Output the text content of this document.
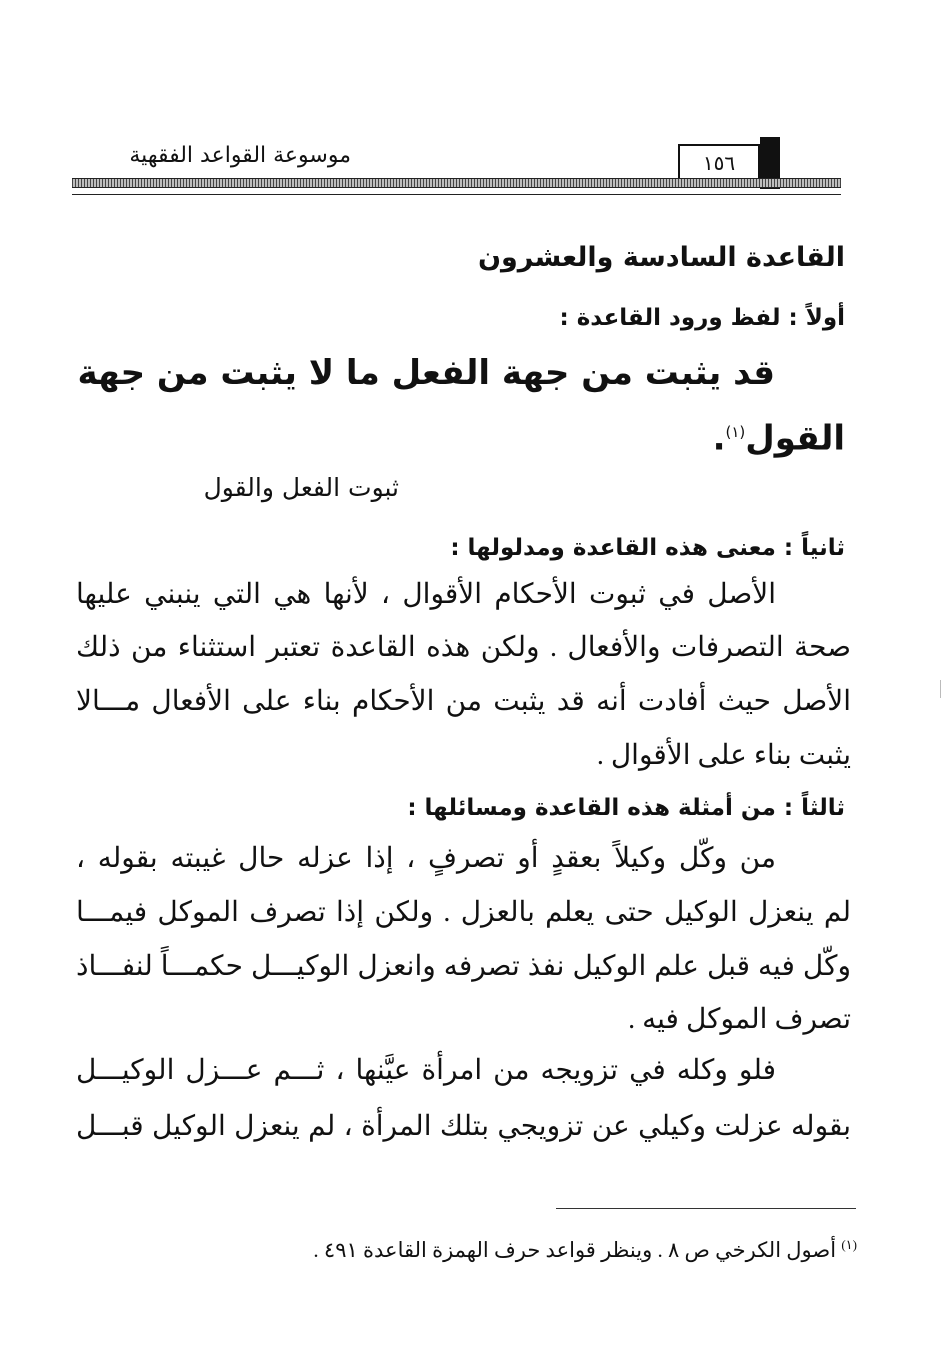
موسوعة القواعد الفقهية	١٥٦
القاعدة السادسة والعشرون
أولاً : لفظ ورود القاعدة :
قد يثبت من جهة الفعل ما لا يثبت من جهة
القول$^{(١)}$.
ثبوت الفعل والقول
ثانياً : معنى هذه القاعدة ومدلولها :
الأصل في ثبوت الأحكام الأقوال ، لأنها هي التي ينبني عليها
صحة التصرفات والأفعال . ولكن هذه القاعدة تعتبر استثناء من ذلك
الأصل حيث أفادت أنه قد يثبت من الأحكام بناء على الأفعال مـــالا
يثبت بناء على الأقوال .
ثالثاً : من أمثلة هذه القاعدة ومسائلها :
من وكّل وكيلاً بعقدٍ أو تصرفٍ ، إذا عزله حال غيبته بقوله ،
لم ينعزل الوكيل حتى يعلم بالعزل . ولكن إذا تصرف الموكل فيمـــا
وكّل فيه قبل علم الوكيل نفذ تصرفه وانعزل الوكيـــل حكمـــاً لنفـــاذ
تصرف الموكل فيه .
فلو وكله في تزويجه من امرأة عيَّنها ، ثـــم عـــزل الوكيـــل
بقوله عزلت وكيلي عن تزويجي بتلك المرأة ، لم ينعزل الوكيل قبـــل
$^{(١)}$ أصول الكرخي ص ٨ . وينظر قواعد حرف الهمزة القاعدة ٤٩١ .
